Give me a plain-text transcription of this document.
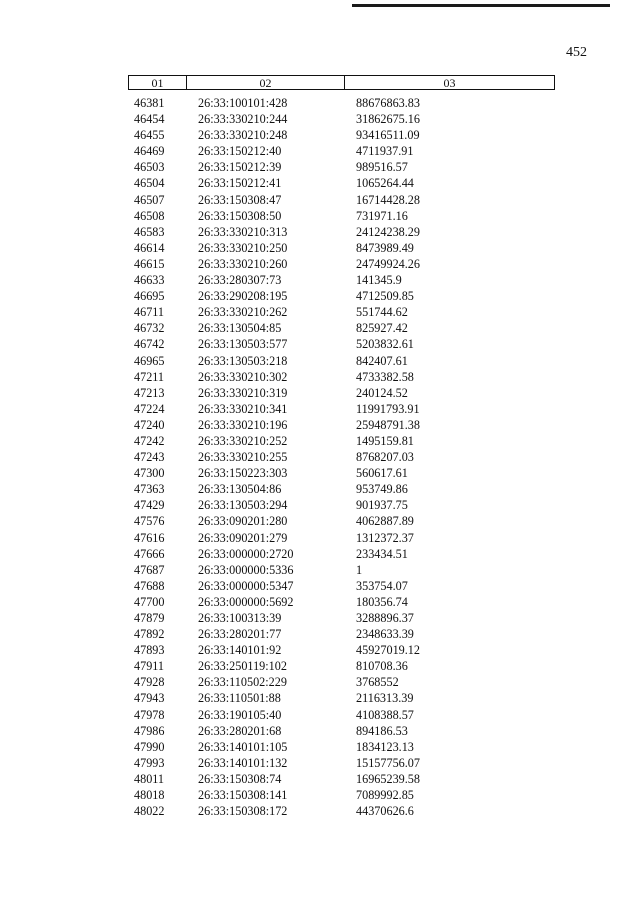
452
01	02	03
46381	26:33:100101:428	88676863.83
46454	26:33:330210:244	31862675.16
46455	26:33:330210:248	93416511.09
46469	26:33:150212:40	4711937.91
46503	26:33:150212:39	989516.57
46504	26:33:150212:41	1065264.44
46507	26:33:150308:47	16714428.28
46508	26:33:150308:50	731971.16
46583	26:33:330210:313	24124238.29
46614	26:33:330210:250	8473989.49
46615	26:33:330210:260	24749924.26
46633	26:33:280307:73	141345.9
46695	26:33:290208:195	4712509.85
46711	26:33:330210:262	551744.62
46732	26:33:130504:85	825927.42
46742	26:33:130503:577	5203832.61
46965	26:33:130503:218	842407.61
47211	26:33:330210:302	4733382.58
47213	26:33:330210:319	240124.52
47224	26:33:330210:341	11991793.91
47240	26:33:330210:196	25948791.38
47242	26:33:330210:252	1495159.81
47243	26:33:330210:255	8768207.03
47300	26:33:150223:303	560617.61
47363	26:33:130504:86	953749.86
47429	26:33:130503:294	901937.75
47576	26:33:090201:280	4062887.89
47616	26:33:090201:279	1312372.37
47666	26:33:000000:2720	233434.51
47687	26:33:000000:5336	1
47688	26:33:000000:5347	353754.07
47700	26:33:000000:5692	180356.74
47879	26:33:100313:39	3288896.37
47892	26:33:280201:77	2348633.39
47893	26:33:140101:92	45927019.12
47911	26:33:250119:102	810708.36
47928	26:33:110502:229	3768552
47943	26:33:110501:88	2116313.39
47978	26:33:190105:40	4108388.57
47986	26:33:280201:68	894186.53
47990	26:33:140101:105	1834123.13
47993	26:33:140101:132	15157756.07
48011	26:33:150308:74	16965239.58
48018	26:33:150308:141	7089992.85
48022	26:33:150308:172	44370626.6
